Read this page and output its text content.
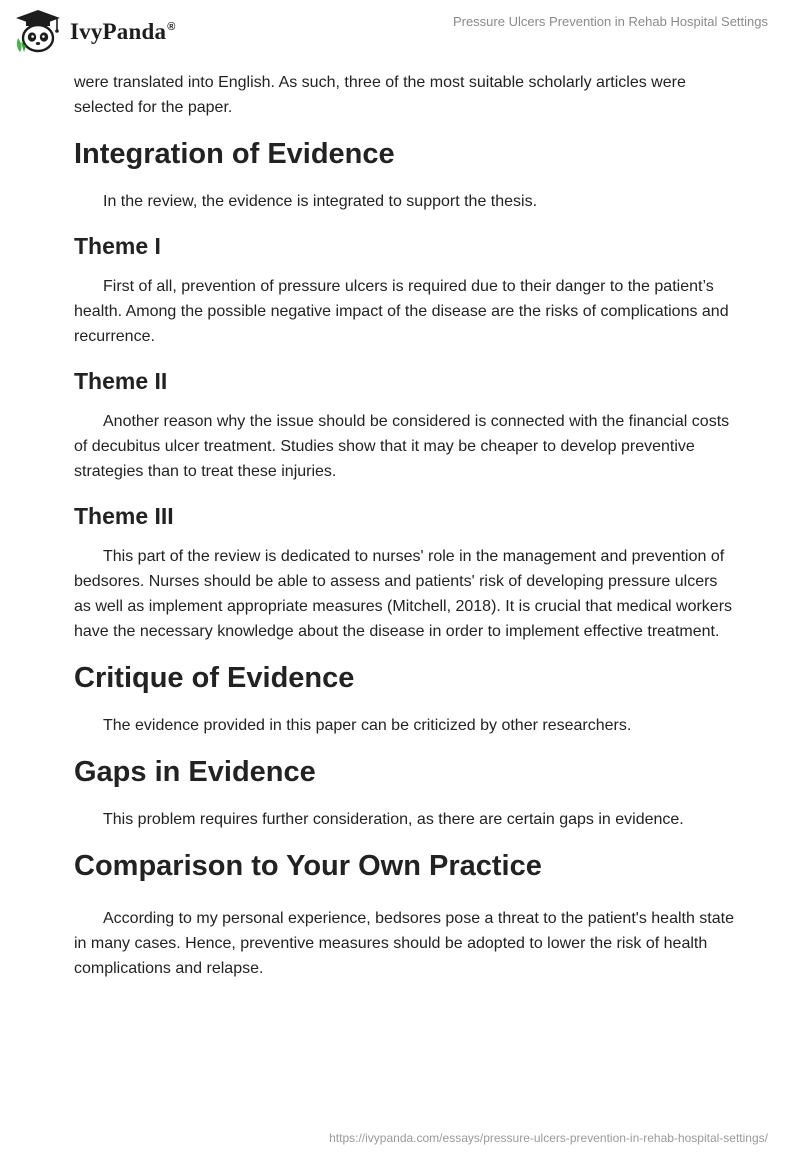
IvyPanda®	Pressure Ulcers Prevention in Rehab Hospital Settings

were translated into English. As such, three of the most suitable scholarly articles were selected for the paper.

Integration of Evidence

In the review, the evidence is integrated to support the thesis.

Theme I

First of all, prevention of pressure ulcers is required due to their danger to the patient’s health. Among the possible negative impact of the disease are the risks of complications and recurrence.

Theme II

Another reason why the issue should be considered is connected with the financial costs of decubitus ulcer treatment. Studies show that it may be cheaper to develop preventive strategies than to treat these injuries.

Theme III

This part of the review is dedicated to nurses' role in the management and prevention of bedsores. Nurses should be able to assess and patients' risk of developing pressure ulcers as well as implement appropriate measures (Mitchell, 2018). It is crucial that medical workers have the necessary knowledge about the disease in order to implement effective treatment.

Critique of Evidence

The evidence provided in this paper can be criticized by other researchers.

Gaps in Evidence

This problem requires further consideration, as there are certain gaps in evidence.

Comparison to Your Own Practice

According to my personal experience, bedsores pose a threat to the patient's health state in many cases. Hence, preventive measures should be adopted to lower the risk of health complications and relapse.

https://ivypanda.com/essays/pressure-ulcers-prevention-in-rehab-hospital-settings/
